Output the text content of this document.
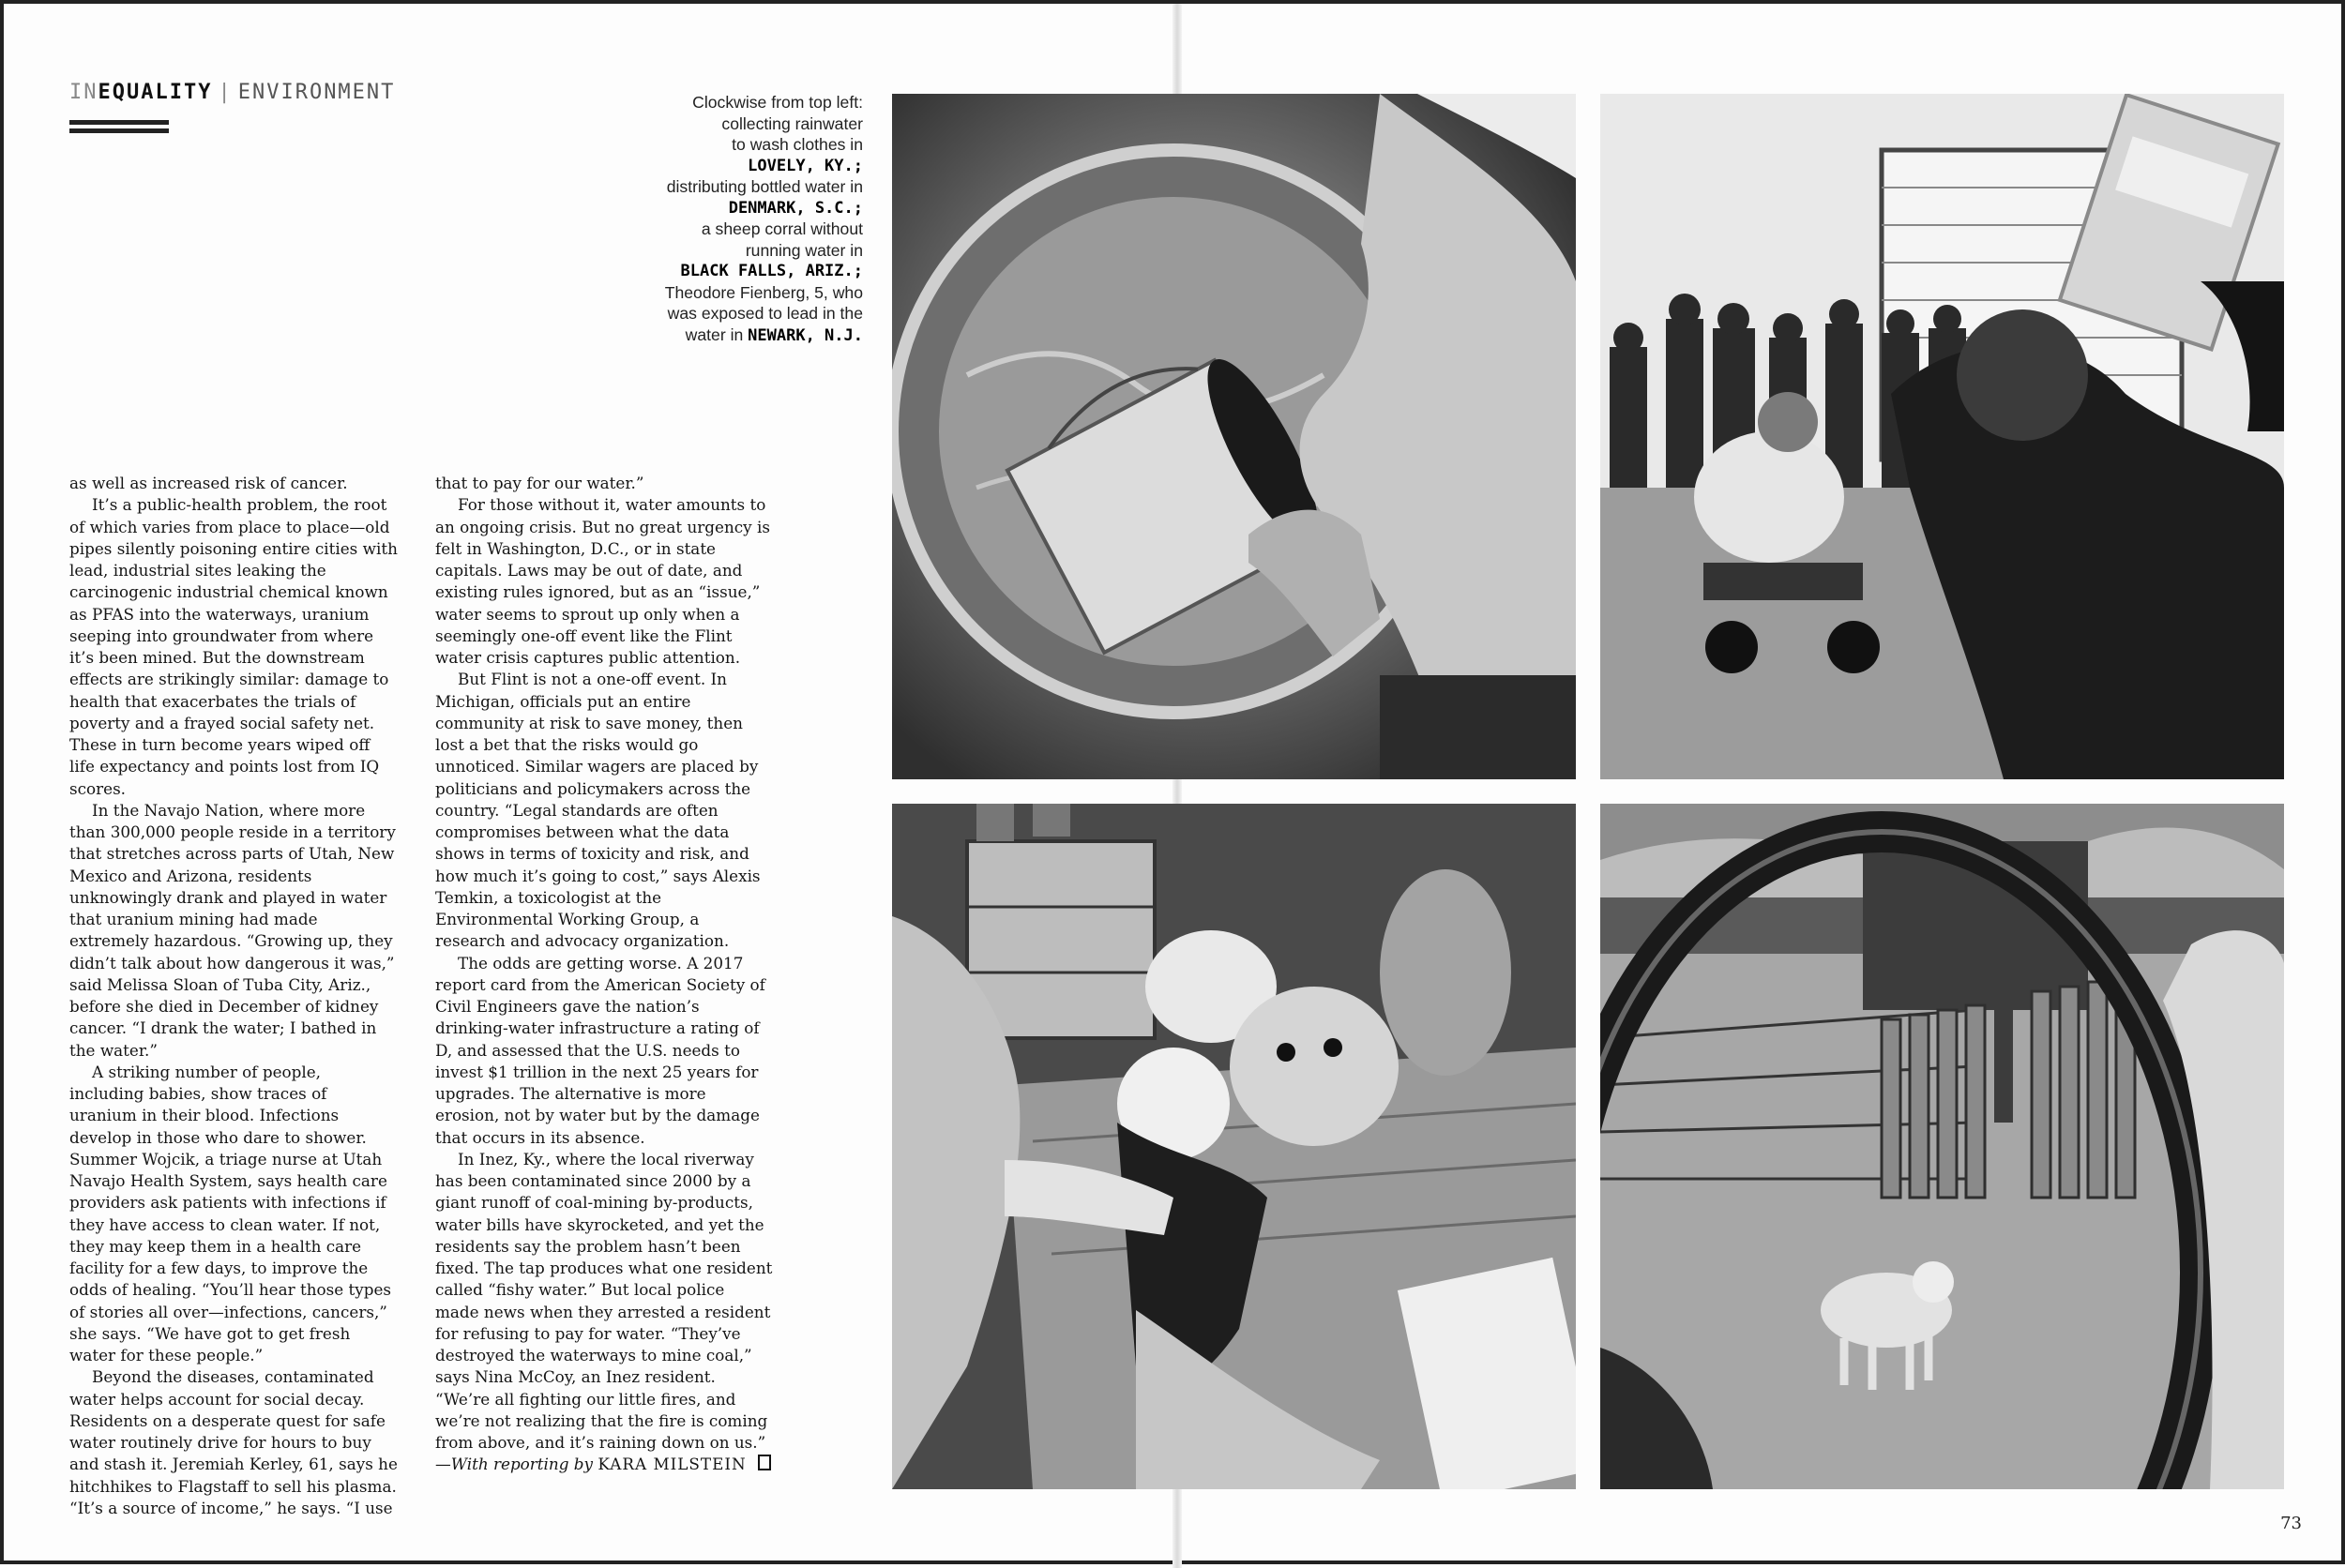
INEQUALITY | ENVIRONMENT	Clockwise from top left:
collecting rainwater
to wash clothes in
LOVELY, KY.;
distributing bottled water in
DENMARK, S.C.;
a sheep corral without
running water in
BLACK FALLS, ARIZ.;
Theodore Fienberg, 5, who
was exposed to lead in the
water in NEWARK, N.J.

as well as increased risk of cancer.

It’s a public-health problem, the root of which varies from place to place—old pipes silently poisoning entire cities with lead, industrial sites leaking the carcinogenic industrial chemical known as PFAS into the waterways, uranium seeping into groundwater from where it’s been mined. But the downstream effects are strikingly similar: damage to health that exacerbates the trials of poverty and a frayed social safety net. These in turn become years wiped off life expectancy and points lost from IQ scores.

In the Navajo Nation, where more than 300,000 people reside in a territory that stretches across parts of Utah, New Mexico and Arizona, residents unknowingly drank and played in water that uranium mining had made extremely hazardous. “Growing up, they didn’t talk about how dangerous it was,” said Melissa Sloan of Tuba City, Ariz., before she died in December of kidney cancer. “I drank the water; I bathed in the water.”

A striking number of people, including babies, show traces of uranium in their blood. Infections develop in those who dare to shower. Summer Wojcik, a triage nurse at Utah Navajo Health System, says health care providers ask patients with infections if they have access to clean water. If not, they may keep them in a health care facility for a few days, to improve the odds of healing. “You’ll hear those types of stories all over—infections, cancers,” she says. “We have got to get fresh water for these people.”

Beyond the diseases, contaminated water helps account for social decay. Residents on a desperate quest for safe water routinely drive for hours to buy and stash it. Jeremiah Kerley, 61, says he hitchhikes to Flagstaff to sell his plasma. “It’s a source of income,” he says. “I use

that to pay for our water.”

For those without it, water amounts to an ongoing crisis. But no great urgency is felt in Washington, D.C., or in state capitals. Laws may be out of date, and existing rules ignored, but as an “issue,” water seems to sprout up only when a seemingly one-off event like the Flint water crisis captures public attention.

But Flint is not a one-off event. In Michigan, officials put an entire community at risk to save money, then lost a bet that the risks would go unnoticed. Similar wagers are placed by politicians and policymakers across the country. “Legal standards are often compromises between what the data shows in terms of toxicity and risk, and how much it’s going to cost,” says Alexis Temkin, a toxicologist at the Environmental Working Group, a research and advocacy organization.

The odds are getting worse. A 2017 report card from the American Society of Civil Engineers gave the nation’s drinking-water infrastructure a rating of D, and assessed that the U.S. needs to invest $1 trillion in the next 25 years for upgrades. The alternative is more erosion, not by water but by the damage that occurs in its absence.

In Inez, Ky., where the local riverway has been contaminated since 2000 by a giant runoff of coal-mining by-products, water bills have skyrocketed, and yet the residents say the problem hasn’t been fixed. The tap produces what one resident called “fishy water.” But local police made news when they arrested a resident for refusing to pay for water. “They’ve destroyed the waterways to mine coal,” says Nina McCoy, an Inez resident. “We’re all fighting our little fires, and we’re not realizing that the fire is coming from above, and it’s raining down on us.”

—With reporting by KARA MILSTEIN

73
